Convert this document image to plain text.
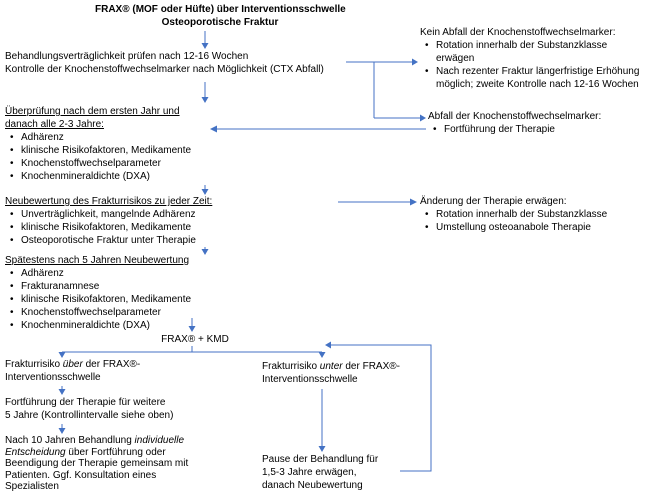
FRAX® (MOF oder Hüfte) über Interventionsschwelle
Osteoporotische Fraktur
Behandlungsverträglichkeit prüfen nach 12-16 Wochen
Kontrolle der Knochenstoffwechselmarker nach Möglichkeit (CTX Abfall)
Kein Abfall der Knochenstoffwechselmarker:
• Rotation innerhalb der Substanzklasse erwägen
• Nach rezenter Fraktur längerfristige Erhöhung möglich; zweite Kontrolle nach 12-16 Wochen
Abfall der Knochenstoffwechselmarker:
• Fortführung der Therapie
Überprüfung nach dem ersten Jahr und danach alle 2-3 Jahre:
• Adhärenz
• klinische Risikofaktoren, Medikamente
• Knochenstoffwechselparameter
• Knochenmineraldichte (DXA)
Neubewertung des Frakturrisikos zu jeder Zeit:
• Unverträglichkeit, mangelnde Adhärenz
• klinische Risikofaktoren, Medikamente
• Osteoporotische Fraktur unter Therapie
Änderung der Therapie erwägen:
• Rotation innerhalb der Substanzklasse
• Umstellung osteoanabole Therapie
Spätestens nach 5 Jahren Neubewertung
• Adhärenz
• Frakturanamnese
• klinische Risikofaktoren, Medikamente
• Knochenstoffwechselparameter
• Knochenmineraldichte (DXA)
FRAX® + KMD
Frakturrisiko über der FRAX®-Interventionsschwelle
Frakturrisiko unter der FRAX®-Interventionsschwelle
Fortführung der Therapie für weitere
5 Jahre (Kontrollintervalle siehe oben)
Nach 10 Jahren Behandlung individuelle Entscheidung über Fortführung oder Beendigung der Therapie gemeinsam mit Patienten. Ggf. Konsultation eines Spezialisten
Pause der Behandlung für
1,5-3 Jahre erwägen,
danach Neubewertung
